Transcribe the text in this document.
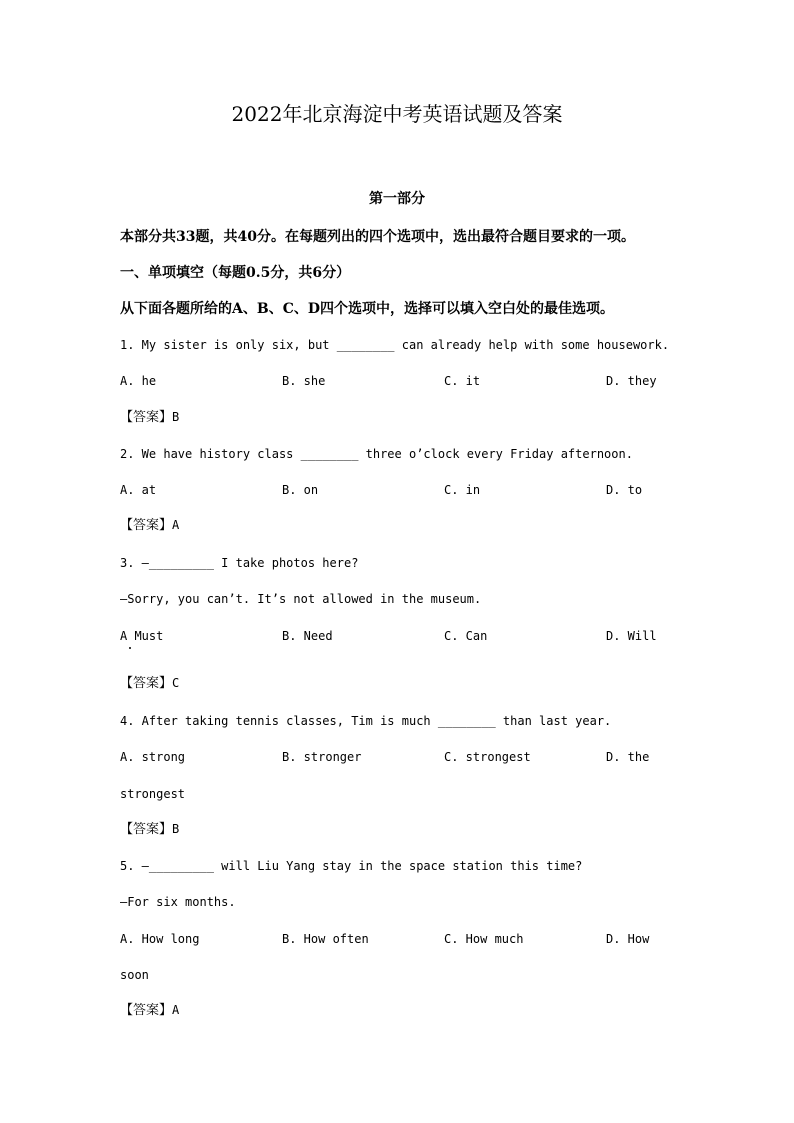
2022年北京海淀中考英语试题及答案
第一部分
本部分共33题，共40分。在每题列出的四个选项中，选出最符合题目要求的一项。
一、单项填空（每题0.5分，共6分）
从下面各题所给的A、B、C、D四个选项中，选择可以填入空白处的最佳选项。
1. My sister is only six, but ________ can already help with some housework.
A. he	B. she	C. it	D. they
【答案】B
2. We have history class ________ three o’clock every Friday afternoon.
A. at	B. on	C. in	D. to
【答案】A
3. —_________ I take photos here?
—Sorry, you can’t. It’s not allowed in the museum.
A Must	B. Need	C. Can	D. Will
【答案】C
4. After taking tennis classes, Tim is much ________ than last year.
A. strong	B. stronger	C. strongest	D. the
strongest
【答案】B
5. —_________ will Liu Yang stay in the space station this time?
—For six months.
A. How long	B. How often	C. How much	D. How
soon
【答案】A
